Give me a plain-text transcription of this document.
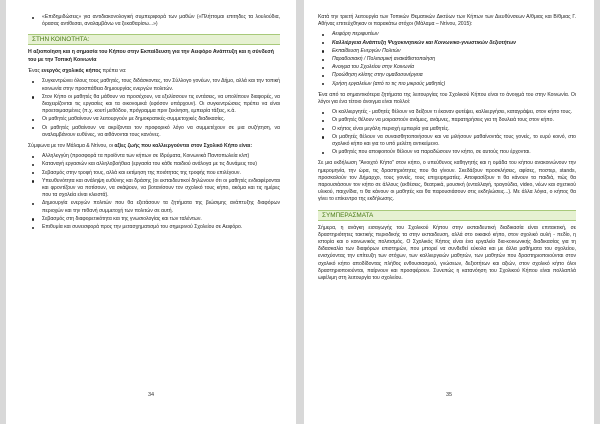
«Επιδημιδώσεις» για αντιδιακονολογική συμπεριφορά των μαθών («Πλήττομαι επιτηδες τα λουλούδια, όρασας αντίθεσαι, αναλαμβάνω να ξεκαθαρίσω...»)
ΣΤΗΝ ΚΟΙΝΟΤΗΤΑ:
Η αξιοποίηση και η σημασία του Κήπου στην Εκπαίδευση για την Αειφόρο Ανάπτυξη και η σύνδεσή του με την Τοπική Κοινωνία

Ένας ενεργός σχολικός κήπος πρέπει να:

Συγκεντρώνει όλους τους μαθητές, τους διδάσκοντες, τον Σύλλογο γονέων, τον Δήμο, αλλά και την τοπική κοινωνία στην προσπάθεια δημιουργίας ενεργών πολιτών.
Στον Κήπο οι μαθητές θα μάθουν να προσέχουν, να εξελίσσουν τις εντάσεις, να υπολίπουν διαφορές, να διαχειρίζονται τις εργασίες και τα οικονομικά (εφόσον υπάρχουν). Οι συγκεντρώσεις πρέπει να είναι προετοιμασμένες (π.χ. κουτί μεθόδου, πρόγραμμα πριν ξεκίνηση, εμπειρία τάξεις, κ.ά.
Οι μαθητές μαθαίνουν να λειτουργούν με δημοκρατικές-συμμετοχικές διαδικασίες.
Οι μαθητές μαθαίνουν να ακρίζονται τον προφορικό λόγο να συμμετέχουν σε μια συζήτηση, να αναλαμβάνουν ευθύνες, να αιθάνονται τους κανόνες.

Σύμφωνα με τον Μάλαμα & Ντίνου, οι αξίες ζωής που καλλιεργούνται στον Σχολικό Κήπο είναι:

Αλληλεγγύη (προσφορά τα προϊόντα των κήπων σε Ιδρύματα, Κοινωνικά Παντοπωλεία κλπ)
Καταναγή εργασιών και αλληλοβοήθεια (εργασία του κάθε παιδιού ανάλογα με τις δυνάμεις του)
Σεβασμός στην τροφή τους, αλλά και εκτίμηση της ποιότητας της τροφής που επιλέγουν.
Υπευθυνότητα και ανάληψη ευθύνης και δράσης (οι εκπαιδευτικοί δηλώνουν ότι οι μαθητές ενδιαφέρονται και φροντίζουν να ποτίσουν, να σκάψουν, να βοτανίσουν τον σχολικό τους κήπο, ακόμα και τις ημέρες που τα σχολεία είναι κλειστά).
Δημιουργία ενεργών πολιτών που θα εξετάσουν τα ζητήματα της βιώσιμης ανάπτυξης διαφόρων περιοχών και την πιθανή συμμετοχή των πολιτών σε αυτή.
Σεβασμός στη διαφορετικότητα και της γνωσιολογίας και των ταλέντων.
Επιθυμία και συνεισφορά προς την μετασχηματισμό του σημερινού Σχολείου σε Αειφόρο.
34

Κατά την τριετή λειτουργία των Τοπικών Θεματικών Δικτύων των Κήπων των Διευθύνσεων Α/θμιας και Β/θμιας Γ. Αθήνας επιτεύχθηκαν οι παρακάτω στόχοι (Μάλαμα – Ντίνου, 2015):

Αειφόρη περιφυτέων
Καλλιέργεια Ανάπτυξη Ψυχοκινητικών και Κοινωνικο-γνωστικών δεξιοτήτων
Εκπαίδευση Ενεργών Πολιτών
Παραδοσιακή / Πολιτισμική ανακάθιστοποίηση
Ανοιγμα του Σχολείου στην Κοινωνία
Προώθηση κλίσης στην ομαδοσυνέργεια
Χρήση εργαλείων (από το τις πιο μικρούς μαθητές)

Ένα από τα σημαντικότερα ζητήματα της λειτουργίας του Σχολικού Κήπου είναι το άνοιγμά του στην Κοινωνία. Οι λόγοι για ένα τέτοιο άνοιγμα είναι πολλοί:

Οι καλλιεργητές - μαθητές θέλουν να δείξουν τι έκαναν φυτέψει, καλλιεργήσει, καταγράψει, στον κήπο τους.
Οι μαθητές θέλουν να μοιραστούν ανάμεις, ανάμνες, παρατηρήσεις για τη δουλειά τους στον κήπο.
Ο κήπος είναι μεγάλη περιοχή εμπειρία για μαθητές.
Οι μαθητές θέλουν να συναισθητοποιήσουν και να μιλήσουν μαθαίνοντάς τους γονείς, το ευρύ κοινό, στο σχολικό κήπο και για το υπό μελέτη αντικείμενο.
Οι μαθητές που αποφοιτούν θέλουν να παραδώσουν τον κήπο, σε αυτούς που έρχονται.

Σε μια εκδήλωση "Ανοιχτό Κήπο" στον κήπο, ο υπεύθυνος καθηγητής και η ομάδα του κήπου ανακοινώνουν την ημερομηνία, την ώρα, τις δραστηριότητες που θα γίνουν. Σκεδάζουν προσκλήσεις, αφίσες, ποστερ, stands, προσκαλούν τον Δήμαρχο, τους γονείς, τους επιχειρηματίες. Αποφασίζουν τι θα κάνουν τα παιδιά, πώς θα παρουσιάσουν τον κήπο σε άλλους (εκθέσεις, θεατρικά, μουσική (ενταλλαγή, τραγούδια, video, νέων και σχετικού υλικού, παιχνίδια, τι θα κάνουν οι μαθητές και θα παρουσιάσουν στις εκδηλώσεις...). Με άλλα λόγια, ο κήπος θα γίνει το επίκεντρο της εκδήλωσης.

ΣΥΜΠΕΡΑΣΜΑΤΑ

Σήμερα, η ανάγκη εισαγωγής του Σχολικού Κήπου στην εκπαιδευτική διαδικασία είναι επιτακτική, σε δραστηριότητες τακτικής περιοδικής τα στην εκπαιδευση, αλλά στο οικιακό κήπο, στον σχολικό αυλή - πεδίο, η ιστορία και ο κοινωνικός πολιτισμός. Ο Σχολικός Κήπος είναι ένα εργαλείο δια-κοινωνικής διαδικασίας για τη διδασκαλία των διαφόρων επιστημών, που μπορεί να συνδεθεί εύκολα και με άλλα μαθήματα του σχολείου, ενισχύοντας την επίτευξη των στόχων, των καλλιεργειών μαθητών, των μαθητών που δραστηριοποιούνται στον σχολικό κήπο αποδίδοντας πλήθος ενθουσιασμού, γνώσεων, δεξιοτήτων και αξιών, στον σχολικό κήπο όλοι δραστηριοποιούνται, παίρνουν και προσφέρουν. Συνεπώς η κατανόηση του Σχολικού Κήπου είναι πολλαπλά ωφέλιμη στη λειτουργία του σχολείου.

35
